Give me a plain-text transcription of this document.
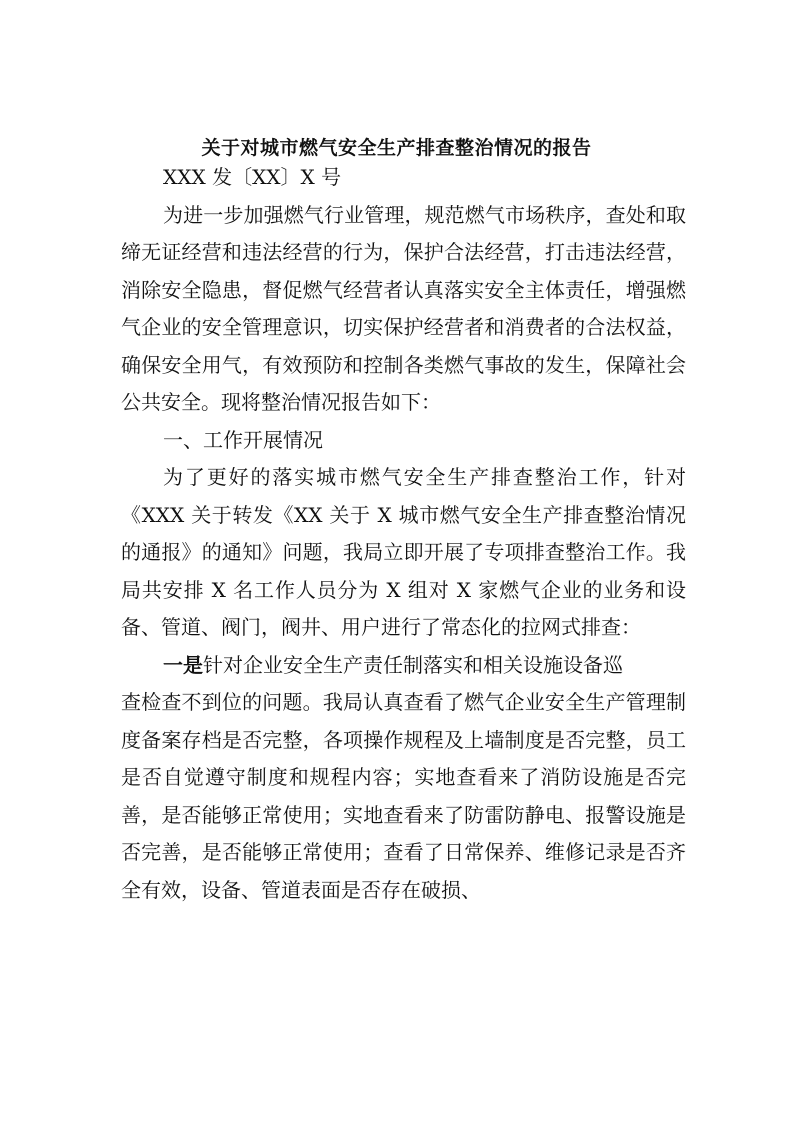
关于对城市燃气安全生产排查整治情况的报告

XXX 发〔XX〕X 号

为进一步加强燃气行业管理，规范燃气市场秩序，查处和取缔无证经营和违法经营的行为，保护合法经营，打击违法经营，消除安全隐患，督促燃气经营者认真落实安全主体责任，增强燃气企业的安全管理意识，切实保护经营者和消费者的合法权益，确保安全用气，有效预防和控制各类燃气事故的发生，保障社会公共安全。现将整治情况报告如下：

一、工作开展情况

为了更好的落实城市燃气安全生产排查整治工作，针对《XXX 关于转发《XX 关于 X 城市燃气安全生产排查整治情况的通报》的通知》问题，我局立即开展了专项排查整治工作。我局共安排 X 名工作人员分为 X 组对 X 家燃气企业的业务和设备、管道、阀门，阀井、用户进行了常态化的拉网式排查：

一是针对企业安全生产责任制落实和相关设施设备巡

查检查不到位的问题。我局认真查看了燃气企业安全生产管理制度备案存档是否完整，各项操作规程及上墙制度是否完整，员工是否自觉遵守制度和规程内容；实地查看来了消防设施是否完善，是否能够正常使用；实地查看来了防雷防静电、报警设施是否完善，是否能够正常使用；查看了日常保养、维修记录是否齐全有效，设备、管道表面是否存在破损、
